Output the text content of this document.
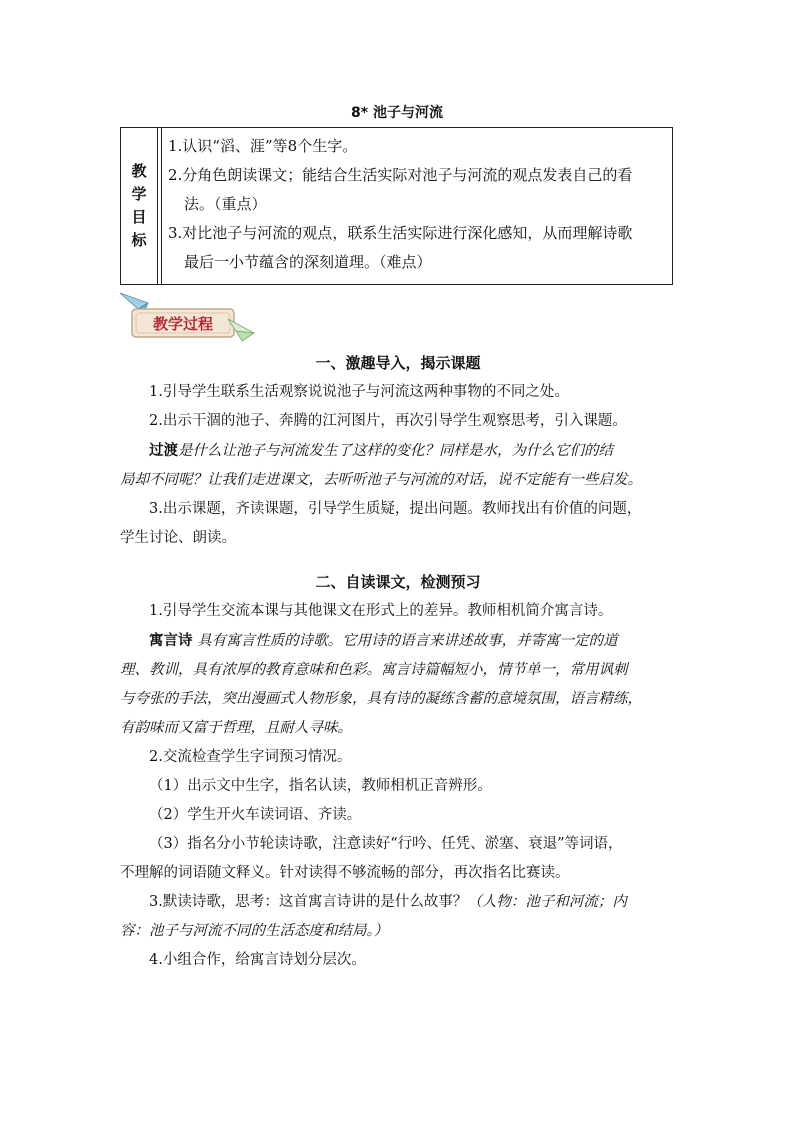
8* 池子与河流
教
学
目
标

1.认识“滔、涯”等8个生字。

2.分角色朗读课文；能结合生活实际对池子与河流的观点发表自己的看

法。（重点）

3.对比池子与河流的观点，联系生活实际进行深化感知，从而理解诗歌

最后一小节蕴含的深刻道理。（难点）

教学过程

一、激趣导入，揭示课题

1.引导学生联系生活观察说说池子与河流这两种事物的不同之处。

2.出示干涸的池子、奔腾的江河图片，再次引导学生观察思考，引入课题。

过渡是什么让池子与河流发生了这样的变化？同样是水，为什么它们的结

局却不同呢？让我们走进课文，去听听池子与河流的对话，说不定能有一些启发。

3.出示课题，齐读课题，引导学生质疑，提出问题。教师找出有价值的问题，

学生讨论、朗读。

二、自读课文，检测预习

1.引导学生交流本课与其他课文在形式上的差异。教师相机简介寓言诗。

寓言诗 具有寓言性质的诗歌。它用诗的语言来讲述故事，并寄寓一定的道

理、教训，具有浓厚的教育意味和色彩。寓言诗篇幅短小，情节单一，常用讽刺

与夸张的手法，突出漫画式人物形象，具有诗的凝练含蓄的意境氛围，语言精练，

有韵味而又富于哲理，且耐人寻味。

2.交流检查学生字词预习情况。

（1）出示文中生字，指名认读，教师相机正音辨形。

（2）学生开火车读词语、齐读。

（3）指名分小节轮读诗歌，注意读好“行吟、任凭、淤塞、衰退”等词语，

不理解的词语随文释义。针对读得不够流畅的部分，再次指名比赛读。

3.默读诗歌，思考：这首寓言诗讲的是什么故事？（人物：池子和河流；内

容：池子与河流不同的生活态度和结局。）

4.小组合作，给寓言诗划分层次。
